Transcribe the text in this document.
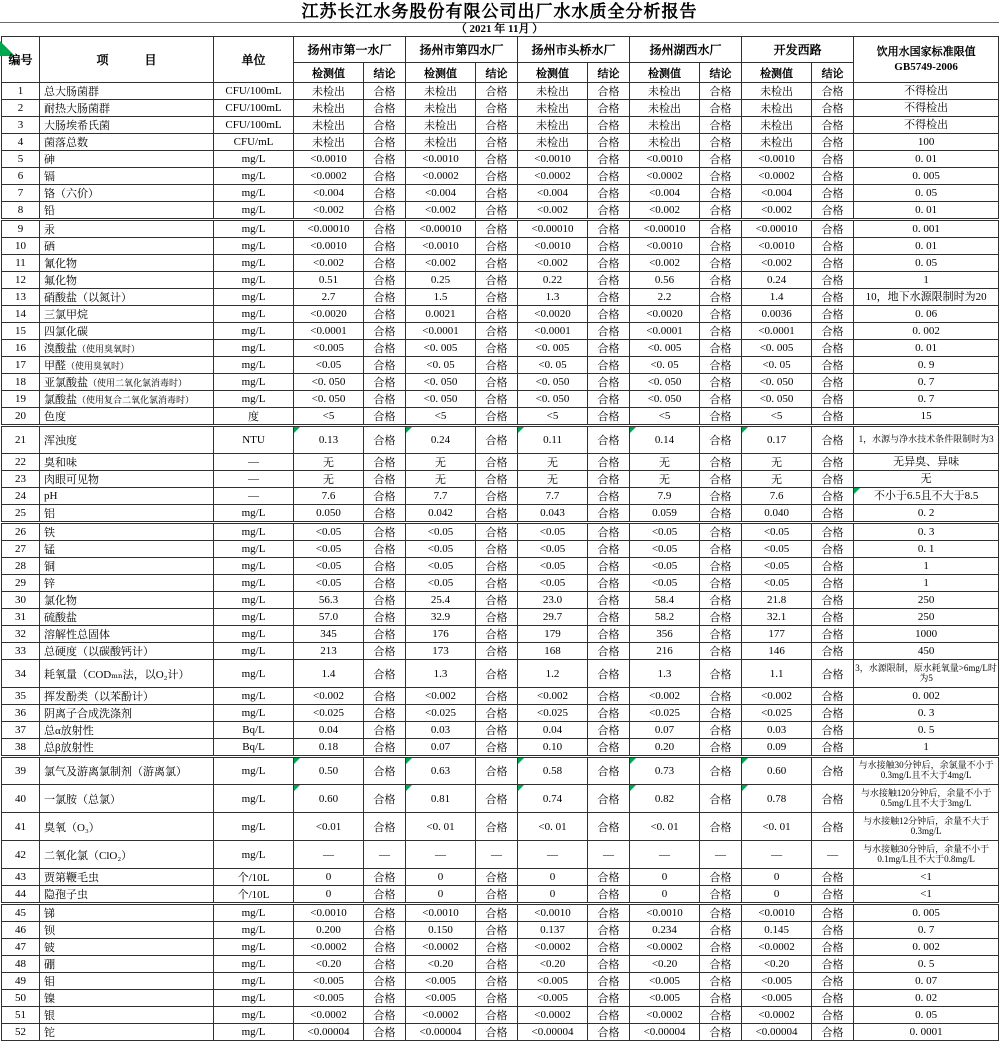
江苏长江水务股份有限公司出厂水水质全分析报告
（ 2021 年 11月 ）
编号	项　　　目	单位	扬州市第一水厂		扬州市第四水厂		扬州市头桥水厂		扬州湖西水厂		开发西路		饮用水国家标准限值
GB5749-2006
			检测值	结论	检测值	结论	检测值	结论	检测值	结论	检测值	结论	
1	总大肠菌群	CFU/100mL	未检出	合格	未检出	合格	未检出	合格	未检出	合格	未检出	合格	不得检出
2	耐热大肠菌群	CFU/100mL	未检出	合格	未检出	合格	未检出	合格	未检出	合格	未检出	合格	不得检出
3	大肠埃希氏菌	CFU/100mL	未检出	合格	未检出	合格	未检出	合格	未检出	合格	未检出	合格	不得检出
4	菌落总数	CFU/mL	未检出	合格	未检出	合格	未检出	合格	未检出	合格	未检出	合格	100
5	砷	mg/L	<0.0010	合格	<0.0010	合格	<0.0010	合格	<0.0010	合格	<0.0010	合格	0. 01
6	镉	mg/L	<0.0002	合格	<0.0002	合格	<0.0002	合格	<0.0002	合格	<0.0002	合格	0. 005
7	铬（六价）	mg/L	<0.004	合格	<0.004	合格	<0.004	合格	<0.004	合格	<0.004	合格	0. 05
8	铅	mg/L	<0.002	合格	<0.002	合格	<0.002	合格	<0.002	合格	<0.002	合格	0. 01
9	汞	mg/L	<0.00010	合格	<0.00010	合格	<0.00010	合格	<0.00010	合格	<0.00010	合格	0. 001
10	硒	mg/L	<0.0010	合格	<0.0010	合格	<0.0010	合格	<0.0010	合格	<0.0010	合格	0. 01
11	氰化物	mg/L	<0.002	合格	<0.002	合格	<0.002	合格	<0.002	合格	<0.002	合格	0. 05
12	氟化物	mg/L	0.51	合格	0.25	合格	0.22	合格	0.56	合格	0.24	合格	1
13	硝酸盐（以氮计）	mg/L	2.7	合格	1.5	合格	1.3	合格	2.2	合格	1.4	合格	10，地下水源限制时为20
14	三氯甲烷	mg/L	<0.0020	合格	0.0021	合格	<0.0020	合格	<0.0020	合格	0.0036	合格	0. 06
15	四氯化碳	mg/L	<0.0001	合格	<0.0001	合格	<0.0001	合格	<0.0001	合格	<0.0001	合格	0. 002
16	溴酸盐（使用臭氧时）	mg/L	<0.005	合格	<0. 005	合格	<0. 005	合格	<0. 005	合格	<0. 005	合格	0. 01
17	甲醛（使用臭氧时）	mg/L	<0.05	合格	<0. 05	合格	<0. 05	合格	<0. 05	合格	<0. 05	合格	0. 9
18	亚氯酸盐（使用二氧化氯消毒时）	mg/L	<0. 050	合格	<0. 050	合格	<0. 050	合格	<0. 050	合格	<0. 050	合格	0. 7
19	氯酸盐（使用复合二氧化氯消毒时）	mg/L	<0. 050	合格	<0. 050	合格	<0. 050	合格	<0. 050	合格	<0. 050	合格	0. 7
20	色度	度	<5	合格	<5	合格	<5	合格	<5	合格	<5	合格	15
21	浑浊度	NTU	0.13	合格	0.24	合格	0.11	合格	0.14	合格	0.17	合格	1，水源与净水技术条件限制时为3
22	臭和味	—	无	合格	无	合格	无	合格	无	合格	无	合格	无异臭、异味
23	肉眼可见物	—	无	合格	无	合格	无	合格	无	合格	无	合格	无
24	pH	—	7.6	合格	7.7	合格	7.7	合格	7.9	合格	7.6	合格	不小于6.5且不大于8.5
25	铝	mg/L	0.050	合格	0.042	合格	0.043	合格	0.059	合格	0.040	合格	0. 2
26	铁	mg/L	<0.05	合格	<0.05	合格	<0.05	合格	<0.05	合格	<0.05	合格	0. 3
27	锰	mg/L	<0.05	合格	<0.05	合格	<0.05	合格	<0.05	合格	<0.05	合格	0. 1
28	铜	mg/L	<0.05	合格	<0.05	合格	<0.05	合格	<0.05	合格	<0.05	合格	1
29	锌	mg/L	<0.05	合格	<0.05	合格	<0.05	合格	<0.05	合格	<0.05	合格	1
30	氯化物	mg/L	56.3	合格	25.4	合格	23.0	合格	58.4	合格	21.8	合格	250
31	硫酸盐	mg/L	57.0	合格	32.9	合格	29.7	合格	58.2	合格	32.1	合格	250
32	溶解性总固体	mg/L	345	合格	176	合格	179	合格	356	合格	177	合格	1000
33	总硬度（以碳酸钙计）	mg/L	213	合格	173	合格	168	合格	216	合格	146	合格	450
34	耗氧量（CODₘₙ法，以O₂计）	mg/L	1.4	合格	1.3	合格	1.2	合格	1.3	合格	1.1	合格	3，水源限制，原水耗氧量>6mg/L时为5
35	挥发酚类（以苯酚计）	mg/L	<0.002	合格	<0.002	合格	<0.002	合格	<0.002	合格	<0.002	合格	0. 002
36	阴离子合成洗涤剂	mg/L	<0.025	合格	<0.025	合格	<0.025	合格	<0.025	合格	<0.025	合格	0. 3
37	总α放射性	Bq/L	0.04	合格	0.03	合格	0.04	合格	0.07	合格	0.03	合格	0. 5
38	总β放射性	Bq/L	0.18	合格	0.07	合格	0.10	合格	0.20	合格	0.09	合格	1
39	氯气及游离氯制剂（游离氯）	mg/L	0.50	合格	0.63	合格	0.58	合格	0.73	合格	0.60	合格	与水接触30分钟后，余氯量不小于0.3mg/L且不大于4mg/L
40	一氯胺（总氯）	mg/L	0.60	合格	0.81	合格	0.74	合格	0.82	合格	0.78	合格	与水接触120分钟后，余量不小于0.5mg/L且不大于3mg/L
41	臭氧（O₃）	mg/L	<0.01	合格	<0. 01	合格	<0. 01	合格	<0. 01	合格	<0. 01	合格	与水接触12分钟后，余量不大于0.3mg/L
42	二氧化氯（ClO₂）	mg/L	—	—	—	—	—	—	—	—	—	—	与水接触30分钟后，余量不小于0.1mg/L且不大于0.8mg/L
43	贾第鞭毛虫	个/10L	0	合格	0	合格	0	合格	0	合格	0	合格	<1
44	隐孢子虫	个/10L	0	合格	0	合格	0	合格	0	合格	0	合格	<1
45	锑	mg/L	<0.0010	合格	<0.0010	合格	<0.0010	合格	<0.0010	合格	<0.0010	合格	0. 005
46	钡	mg/L	0.200	合格	0.150	合格	0.137	合格	0.234	合格	0.145	合格	0. 7
47	铍	mg/L	<0.0002	合格	<0.0002	合格	<0.0002	合格	<0.0002	合格	<0.0002	合格	0. 002
48	硼	mg/L	<0.20	合格	<0.20	合格	<0.20	合格	<0.20	合格	<0.20	合格	0. 5
49	钼	mg/L	<0.005	合格	<0.005	合格	<0.005	合格	<0.005	合格	<0.005	合格	0. 07
50	镍	mg/L	<0.005	合格	<0.005	合格	<0.005	合格	<0.005	合格	<0.005	合格	0. 02
51	银	mg/L	<0.0002	合格	<0.0002	合格	<0.0002	合格	<0.0002	合格	<0.0002	合格	0. 05
52	铊	mg/L	<0.00004	合格	<0.00004	合格	<0.00004	合格	<0.00004	合格	<0.00004	合格	0. 0001
